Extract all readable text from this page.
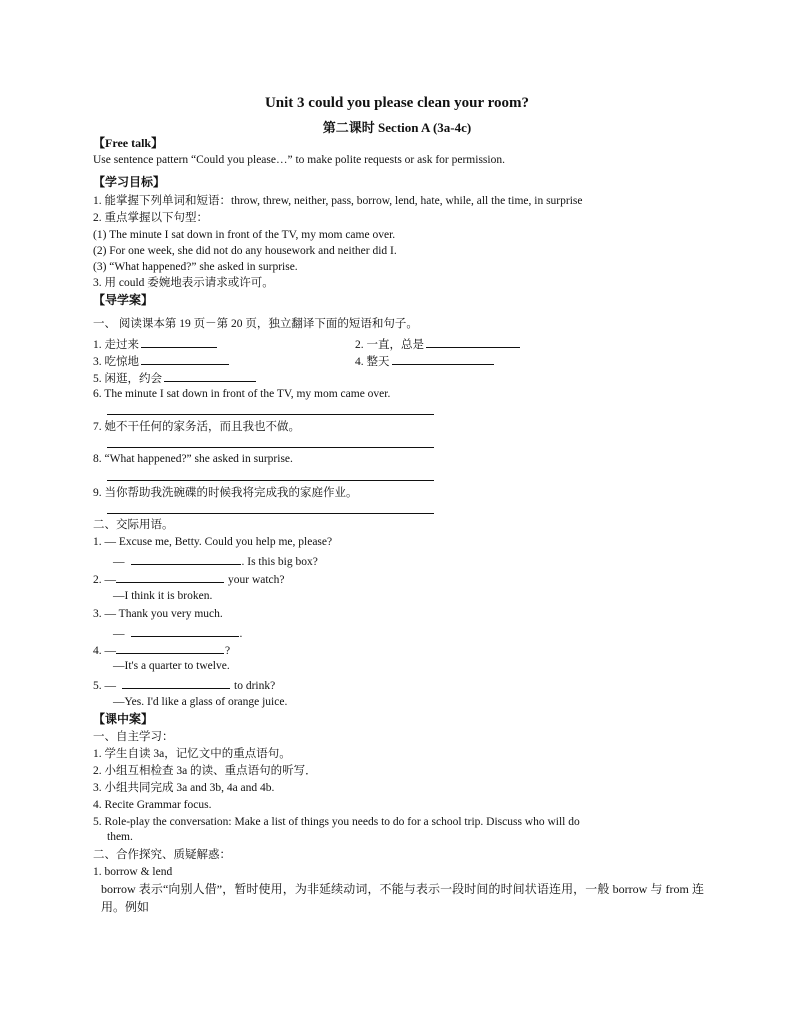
Unit 3 could you please clean your room?
第二课时 Section A (3a-4c)
【Free talk】
Use sentence pattern “Could you please…” to make polite requests or ask for permission.
【学习目标】
1. 能掌握下列单词和短语：throw, threw, neither, pass, borrow, lend, hate, while, all the time, in surprise
2. 重点掌握以下句型：
(1) The minute I sat down in front of the TV, my mom came over.
(2) For one week, she did not do any housework and neither did I.
(3) “What happened?” she asked in surprise.
3. 用 could 委婉地表示请求或许可。
【导学案】
一、 阅读课本第 19 页－第 20 页，独立翻译下面的短语和句子。
1. 走过来	2. 一直，总是
3. 吃惊地	4. 整天
5. 闲逛，约会
6. The minute I sat down in front of the TV, my mom came over.
7. 她不干任何的家务活，而且我也不做。
8. “What happened?” she asked in surprise.
9. 当你帮助我洗碗碟的时候我将完成我的家庭作业。
二、交际用语。
1. — Excuse me, Betty. Could you help me, please?
—	. Is this big box?
2. —	your watch?
—I think it is broken.
3. — Thank you very much.
—	.
4. —	?
—It's a quarter to twelve.
5. —	to drink?
—Yes. I'd like a glass of orange juice.
【课中案】
一、自主学习：
1. 学生自读 3a，记忆文中的重点语句。
2. 小组互相检查 3a 的读、重点语句的听写．
3. 小组共同完成 3a and 3b, 4a and 4b.
4. Recite Grammar focus.
5. Role-play the conversation: Make a list of things you needs to do for a school trip. Discuss who will do
them.
二、合作探究、质疑解惑：
1. borrow & lend
borrow 表示“向别人借”，暂时使用，为非延续动词，不能与表示一段时间的时间状语连用，一般 borrow 与 from 连用。例如
